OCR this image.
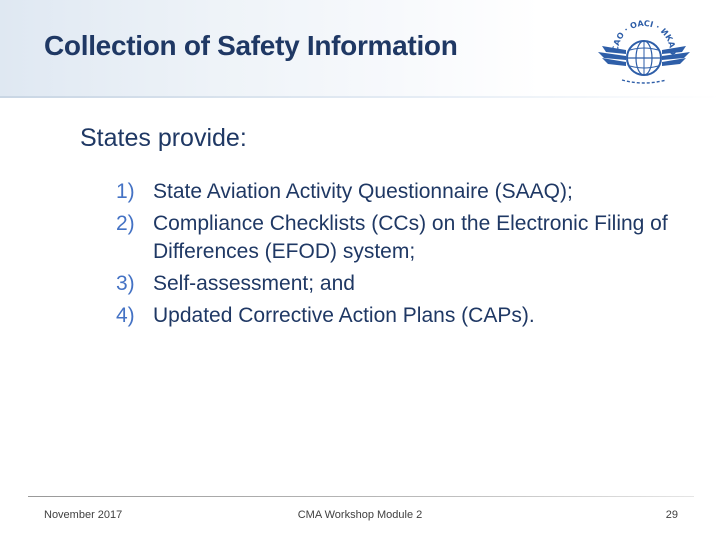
Collection of Safety Information	CAO · OACI · ИКАО
States provide:
1) State Aviation Activity Questionnaire (SAAQ);
2) Compliance Checklists (CCs) on the Electronic Filing of Differences (EFOD) system;
3) Self-assessment; and
4) Updated Corrective Action Plans (CAPs).
November 2017	CMA Workshop Module 2	29
